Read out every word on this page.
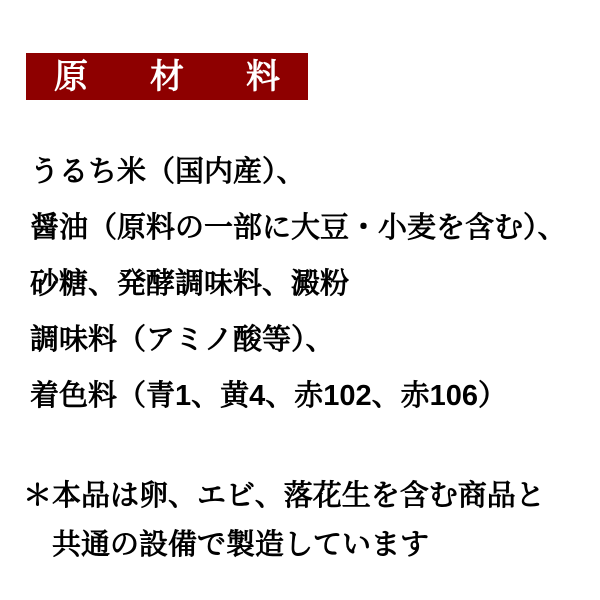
原 材 料
うるち米（国内産）、
醤油（原料の一部に大豆・小麦を含む）、
砂糖、発酵調味料、澱粉
調味料（アミノ酸等）、
着色料（青1、黄4、赤102、赤106）
＊ 本品は卵、エビ、落花生を含む商品と
共通の設備で製造しています
